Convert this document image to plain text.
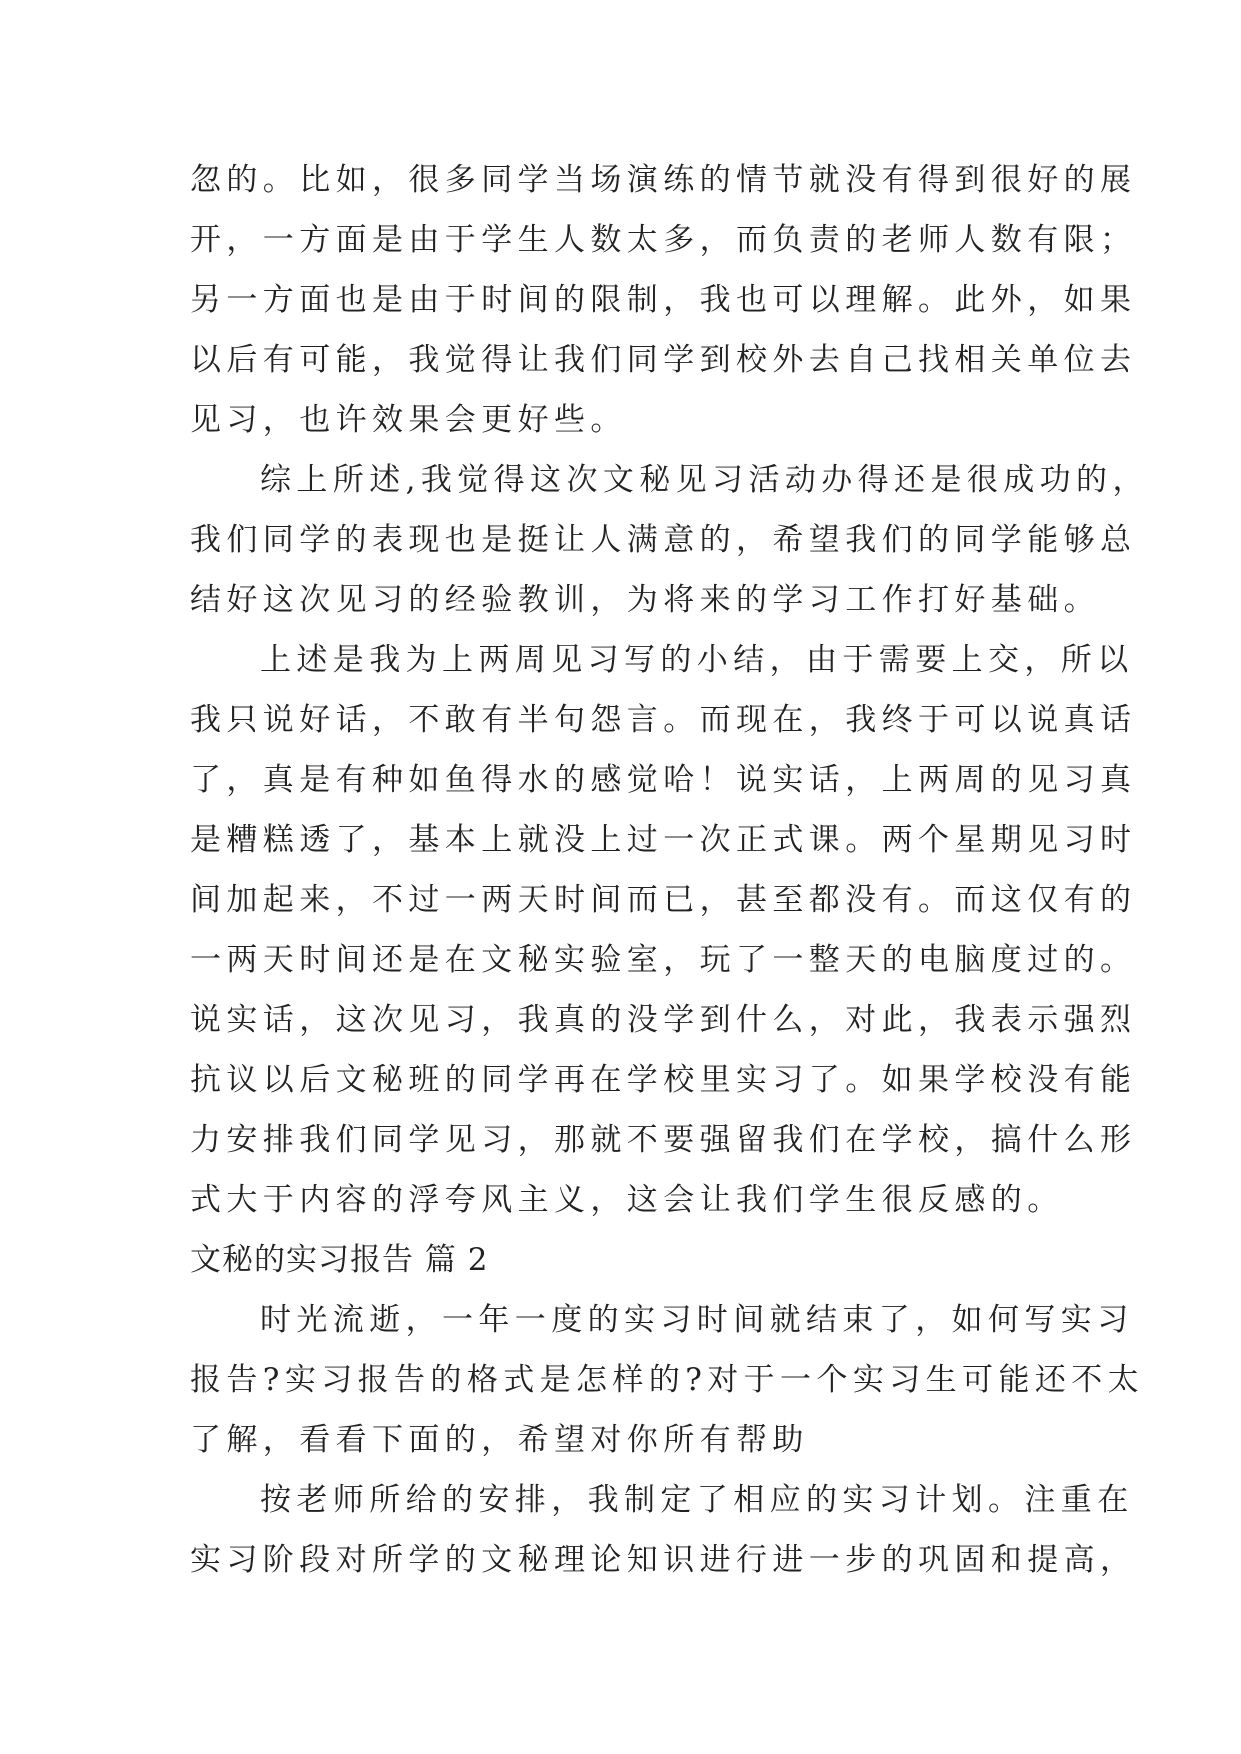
忽的。比如，很多同学当场演练的情节就没有得到很好的展
开，一方面是由于学生人数太多，而负责的老师人数有限；
另一方面也是由于时间的限制，我也可以理解。此外，如果
以后有可能，我觉得让我们同学到校外去自己找相关单位去
见习，也许效果会更好些。
综上所述,我觉得这次文秘见习活动办得还是很成功的，
我们同学的表现也是挺让人满意的，希望我们的同学能够总
结好这次见习的经验教训，为将来的学习工作打好基础。
上述是我为上两周见习写的小结，由于需要上交，所以
我只说好话，不敢有半句怨言。而现在，我终于可以说真话
了，真是有种如鱼得水的感觉哈！说实话，上两周的见习真
是糟糕透了，基本上就没上过一次正式课。两个星期见习时
间加起来，不过一两天时间而已，甚至都没有。而这仅有的
一两天时间还是在文秘实验室，玩了一整天的电脑度过的。
说实话，这次见习，我真的没学到什么，对此，我表示强烈
抗议以后文秘班的同学再在学校里实习了。如果学校没有能
力安排我们同学见习，那就不要强留我们在学校，搞什么形
式大于内容的浮夸风主义，这会让我们学生很反感的。
文秘的实习报告 篇 2
时光流逝，一年一度的实习时间就结束了，如何写实习
报告?实习报告的格式是怎样的?对于一个实习生可能还不太
了解，看看下面的，希望对你所有帮助
按老师所给的安排，我制定了相应的实习计划。注重在
实习阶段对所学的文秘理论知识进行进一步的巩固和提高，
